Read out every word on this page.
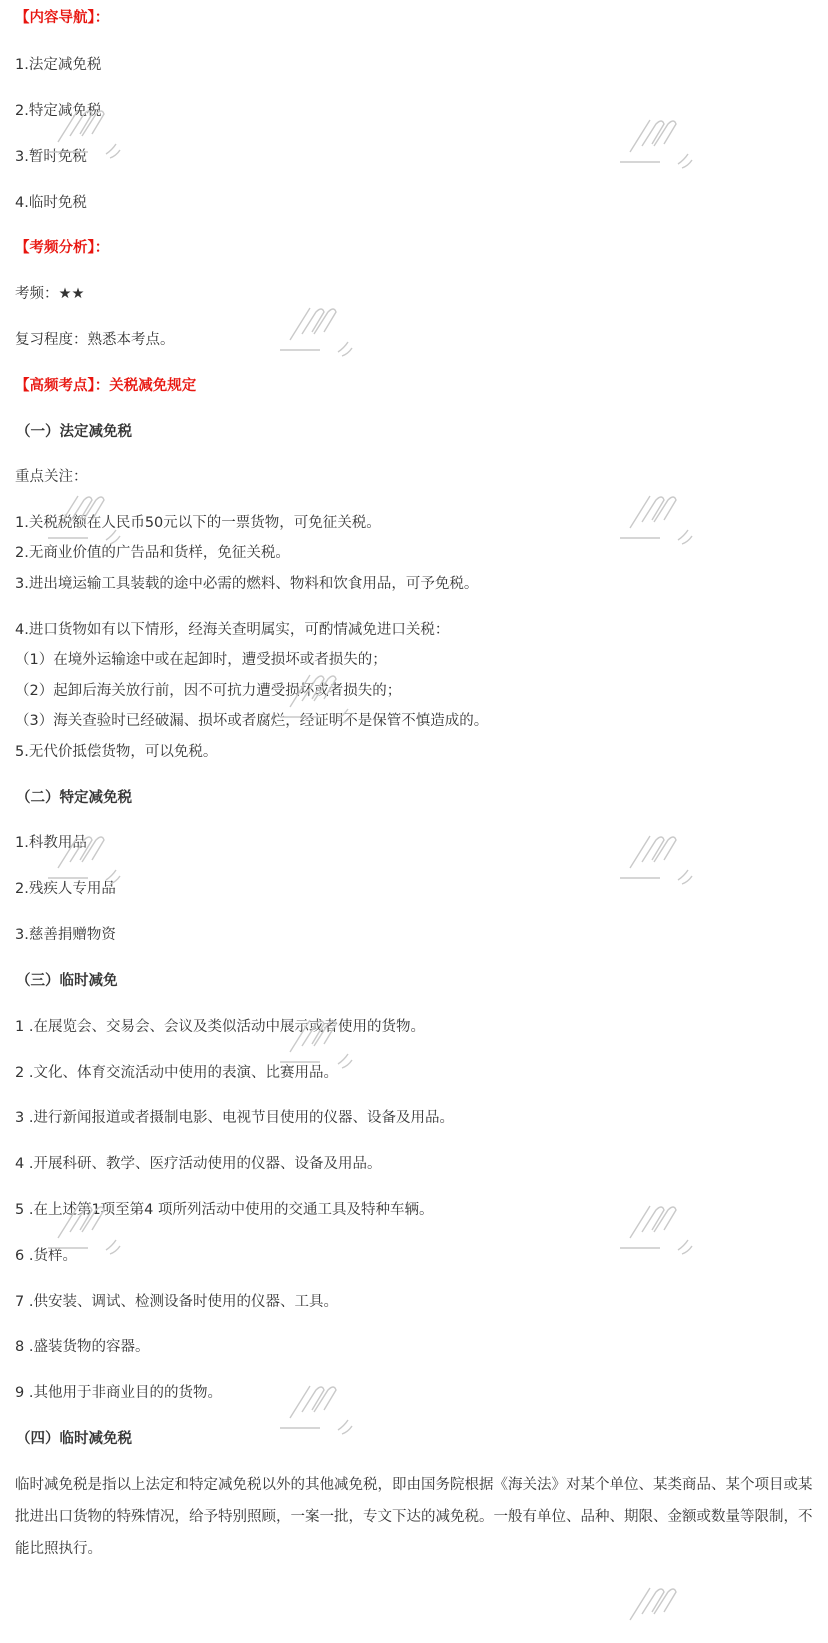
【内容导航】：
1.法定减免税
2.特定减免税
3.暂时免税
4.临时免税
【考频分析】：
考频：★★
复习程度：熟悉本考点。
【高频考点】：关税减免规定
（一）法定减免税
重点关注：
1.关税税额在人民币50元以下的一票货物，可免征关税。
2.无商业价值的广告品和货样，免征关税。
3.进出境运输工具装载的途中必需的燃料、物料和饮食用品，可予免税。
4.进口货物如有以下情形，经海关查明属实，可酌情减免进口关税：
（1）在境外运输途中或在起卸时，遭受损坏或者损失的；
（2）起卸后海关放行前，因不可抗力遭受损坏或者损失的；
（3）海关查验时已经破漏、损坏或者腐烂，经证明不是保管不慎造成的。
5.无代价抵偿货物，可以免税。
（二）特定减免税
1.科教用品
2.残疾人专用品
3.慈善捐赠物资
（三）临时减免
1 .在展览会、交易会、会议及类似活动中展示或者使用的货物。
2 .文化、体育交流活动中使用的表演、比赛用品。
3 .进行新闻报道或者摄制电影、电视节目使用的仪器、设备及用品。
4 .开展科研、教学、医疗活动使用的仪器、设备及用品。
5 .在上述第1项至第4 项所列活动中使用的交通工具及特种车辆。
6 .货样。
7 .供安装、调试、检测设备时使用的仪器、工具。
8 .盛装货物的容器。
9 .其他用于非商业目的的货物。
（四）临时减免税
临时减免税是指以上法定和特定减免税以外的其他减免税，即由国务院根据《海关法》对某个单位、某类商品、某个项目或某批进出口货物的特殊情况，给予特别照顾，一案一批，专文下达的减免税。一般有单位、品种、期限、金额或数量等限制，不能比照执行。
